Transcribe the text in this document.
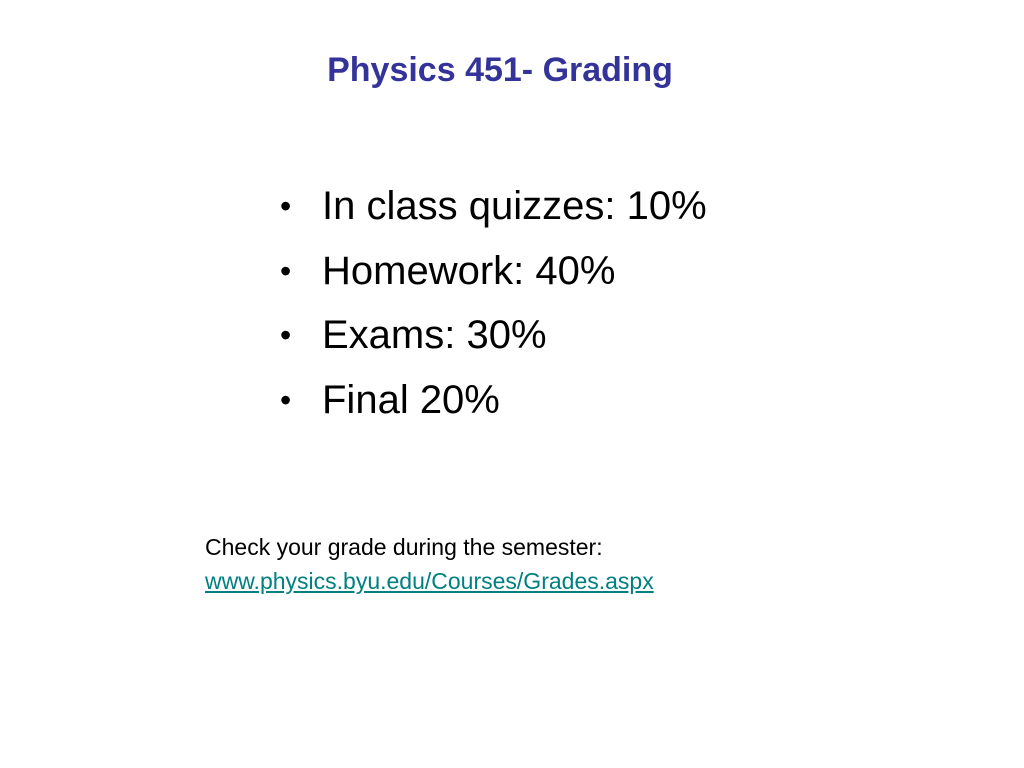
Physics 451- Grading
• In class quizzes: 10%
• Homework: 40%
• Exams: 30%
• Final 20%
Check your grade during the semester:
www.physics.byu.edu/Courses/Grades.aspx
